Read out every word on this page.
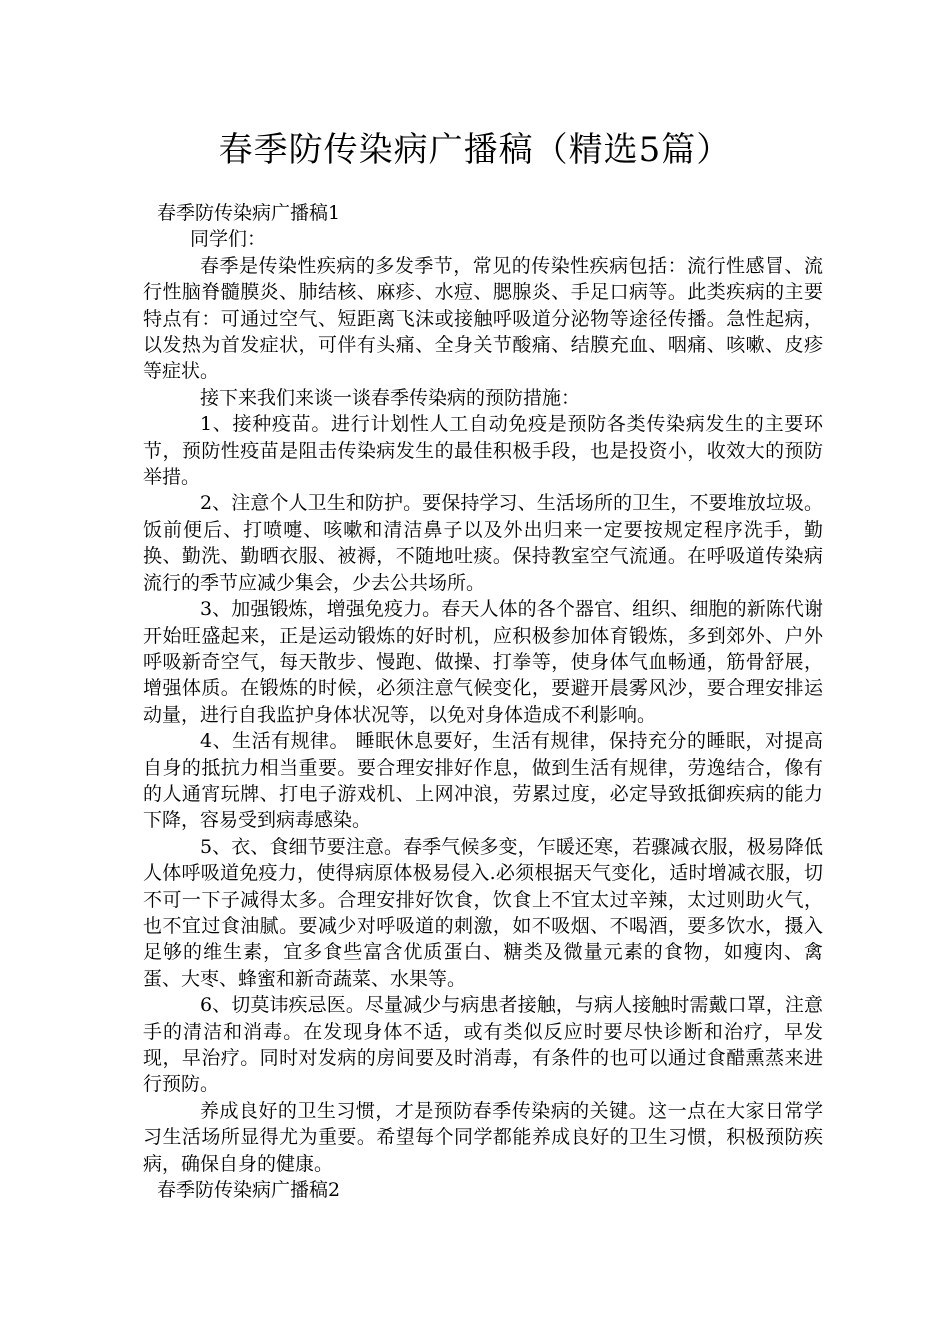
春季防传染病广播稿（精选5篇）

春季防传染病广播稿1

同学们：

春季是传染性疾病的多发季节，常见的传染性疾病包括：流行性感冒、流行性脑脊髓膜炎、肺结核、麻疹、水痘、腮腺炎、手足口病等。此类疾病的主要特点有：可通过空气、短距离飞沫或接触呼吸道分泌物等途径传播。急性起病，以发热为首发症状，可伴有头痛、全身关节酸痛、结膜充血、咽痛、咳嗽、皮疹等症状。

接下来我们来谈一谈春季传染病的预防措施：

1、接种疫苗。进行计划性人工自动免疫是预防各类传染病发生的主要环节，预防性疫苗是阻击传染病发生的最佳积极手段，也是投资小，收效大的预防举措。

2、注意个人卫生和防护。要保持学习、生活场所的卫生，不要堆放垃圾。饭前便后、打喷嚏、咳嗽和清洁鼻子以及外出归来一定要按规定程序洗手，勤换、勤洗、勤晒衣服、被褥，不随地吐痰。保持教室空气流通。在呼吸道传染病流行的季节应减少集会，少去公共场所。

3、加强锻炼，增强免疫力。春天人体的各个器官、组织、细胞的新陈代谢开始旺盛起来，正是运动锻炼的好时机，应积极参加体育锻炼，多到郊外、户外呼吸新奇空气，每天散步、慢跑、做操、打拳等，使身体气血畅通，筋骨舒展，增强体质。在锻炼的时候，必须注意气候变化，要避开晨雾风沙，要合理安排运动量，进行自我监护身体状况等，以免对身体造成不利影响。

4、生活有规律。 睡眠休息要好，生活有规律，保持充分的睡眠，对提高自身的抵抗力相当重要。要合理安排好作息，做到生活有规律，劳逸结合，像有的人通宵玩牌、打电子游戏机、上网冲浪，劳累过度，必定导致抵御疾病的能力下降，容易受到病毒感染。

5、衣、食细节要注意。春季气候多变，乍暖还寒，若骤减衣服，极易降低人体呼吸道免疫力，使得病原体极易侵入.必须根据天气变化，适时增减衣服，切不可一下子减得太多。合理安排好饮食，饮食上不宜太过辛辣，太过则助火气，也不宜过食油腻。要减少对呼吸道的刺激，如不吸烟、不喝酒，要多饮水，摄入足够的维生素，宜多食些富含优质蛋白、糖类及微量元素的食物，如瘦肉、禽蛋、大枣、蜂蜜和新奇蔬菜、水果等。

6、切莫讳疾忌医。尽量减少与病患者接触，与病人接触时需戴口罩，注意手的清洁和消毒。在发现身体不适，或有类似反应时要尽快诊断和治疗，早发现，早治疗。同时对发病的房间要及时消毒，有条件的也可以通过食醋熏蒸来进行预防。

养成良好的卫生习惯，才是预防春季传染病的关键。这一点在大家日常学习生活场所显得尤为重要。希望每个同学都能养成良好的卫生习惯，积极预防疾病，确保自身的健康。

春季防传染病广播稿2
